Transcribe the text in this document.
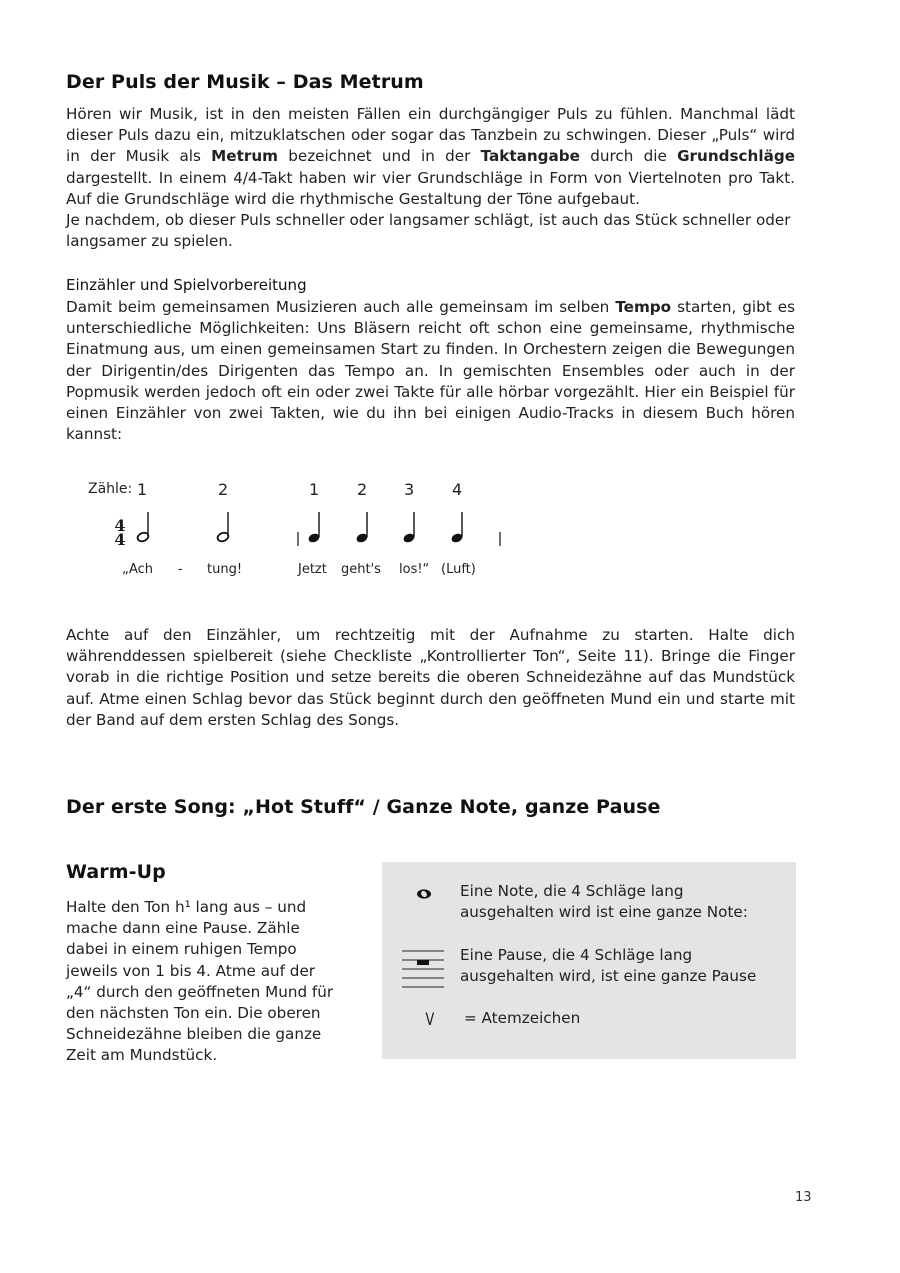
Der Puls der Musik – Das Metrum

Hören wir Musik, ist in den meisten Fällen ein durchgängiger Puls zu fühlen. Manchmal lädt dieser Puls dazu ein, mitzuklatschen oder sogar das Tanzbein zu schwingen. Dieser „Puls“ wird in der Musik als Metrum bezeichnet und in der Taktangabe durch die Grundschläge dargestellt. In einem 4/4-Takt haben wir vier Grundschläge in Form von Viertelnoten pro Takt. Auf die Grundschläge wird die rhythmische Gestaltung der Töne aufgebaut.

Je nachdem, ob dieser Puls schneller oder langsamer schlägt, ist auch das Stück schneller oder langsamer zu spielen.

Einzähler und Spielvorbereitung

Damit beim gemeinsamen Musizieren auch alle gemeinsam im selben Tempo starten, gibt es unterschiedliche Möglichkeiten: Uns Bläsern reicht oft schon eine gemeinsame, rhythmische Einatmung aus, um einen gemeinsamen Start zu finden. In Orchestern zeigen die Bewegungen der Dirigentin/des Dirigenten das Tempo an. In gemischten Ensembles oder auch in der Popmusik werden jedoch oft ein oder zwei Takte für alle hörbar vorgezählt. Hier ein Beispiel für einen Einzähler von zwei Takten, wie du ihn bei einigen Audio-Tracks in diesem Buch hören kannst:

Zähle: 1	2	1 2 3 4
4
4
„Ach - tung!	Jetzt geht's los!“ (Luft)

Achte auf den Einzähler, um rechtzeitig mit der Aufnahme zu starten. Halte dich währenddessen spielbereit (siehe Checkliste „Kontrollierter Ton“, Seite 11). Bringe die Finger vorab in die richtige Position und setze bereits die oberen Schneidezähne auf das Mundstück auf. Atme einen Schlag bevor das Stück beginnt durch den geöffneten Mund ein und starte mit der Band auf dem ersten Schlag des Songs.

Der erste Song: „Hot Stuff“ / Ganze Note, ganze Pause
Warm-Up

Halte den Ton h¹ lang aus – und mache dann eine Pause. Zähle dabei in einem ruhigen Tempo jeweils von 1 bis 4. Atme auf der „4“ durch den geöffneten Mund für den nächsten Ton ein. Die oberen Schneidezähne bleiben die ganze Zeit am Mundstück.

Eine Note, die 4 Schläge lang ausgehalten wird ist eine ganze Note:

Eine Pause, die 4 Schläge lang ausgehalten wird, ist eine ganze Pause

V = Atemzeichen
13
